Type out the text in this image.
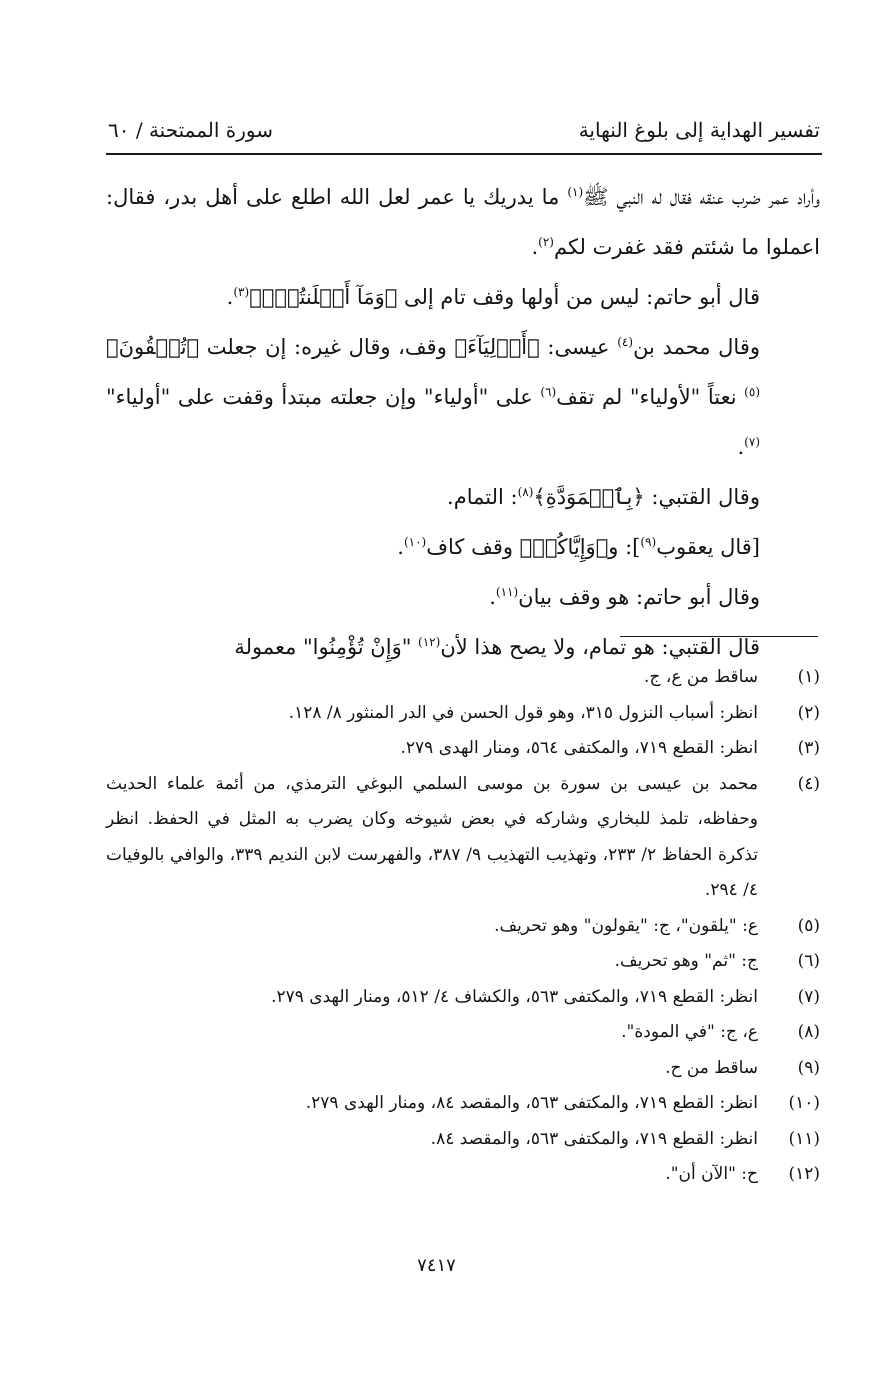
تفسير الهداية إلى بلوغ النهاية
سورة الممتحنة / ٦٠

وأراد عمر ضرب عنقه فقال له النبي ﷺ$^{(١)}$ ما يدريك يا عمر لعل الله اطلع على أهل بدر، فقال: اعملوا ما شئتم فقد غفرت لكم$^{(٢)}$.

قال أبو حاتم: ليس من أولها وقف تام إلى ﴿وَمَآ أَعۡلَنتُمۡۚ﴾$^{(٣)}$.

وقال محمد بن$^{(٤)}$ عيسى: ﴿أَوۡلِيَآءَ﴾ وقف، وقال غيره: إن جعلت ﴿تُلۡقُونَ﴾$^{(٥)}$ نعتاً "لأولياء" لم تقف$^{(٦)}$ على "أولياء" وإن جعلته مبتدأ وقفت على "أولياء"$^{(٧)}$.

وقال القتبي: ﴿بِٱلۡمَوَدَّةِ﴾$^{(٨)}$: التمام.

[قال يعقوب$^{(٩)}$]: و﴿وَإِيَّاكُمۡ﴾ وقف كاف$^{(١٠)}$.

وقال أبو حاتم: هو وقف بيان$^{(١١)}$.

قال القتبي: هو تمام، ولا يصح هذا لأن$^{(١٢)}$ "وَإِنْ تُؤْمِنُوا" معمولة

(١)
ساقط من ع، ج.
(٢)
انظر: أسباب النزول ٣١٥، وهو قول الحسن في الدر المنثور ٨/ ١٢٨.
(٣)
انظر: القطع ٧١٩، والمكتفى ٥٦٤، ومنار الهدى ٢٧٩.
(٤)
محمد بن عيسى بن سورة بن موسى السلمي البوغي الترمذي، من أئمة علماء الحديث وحفاظه، تلمذ للبخاري وشاركه في بعض شيوخه وكان يضرب به المثل في الحفظ. انظر تذكرة الحفاظ ٢/ ٢٣٣، وتهذيب التهذيب ٩/ ٣٨٧، والفهرست لابن النديم ٣٣٩، والوافي بالوفيات ٤/ ٢٩٤.
(٥)
ع: "يلقون"، ج: "يقولون" وهو تحريف.
(٦)
ج: "ثم" وهو تحريف.
(٧)
انظر: القطع ٧١٩، والمكتفى ٥٦٣، والكشاف ٤/ ٥١٢، ومنار الهدى ٢٧٩.
(٨)
ع، ج: "في المودة".
(٩)
ساقط من ح.
(١٠)
انظر: القطع ٧١٩، والمكتفى ٥٦٣، والمقصد ٨٤، ومنار الهدى ٢٧٩.
(١١)
انظر: القطع ٧١٩، والمكتفى ٥٦٣، والمقصد ٨٤.
(١٢)
ح: "الآن أن".
٧٤١٧
